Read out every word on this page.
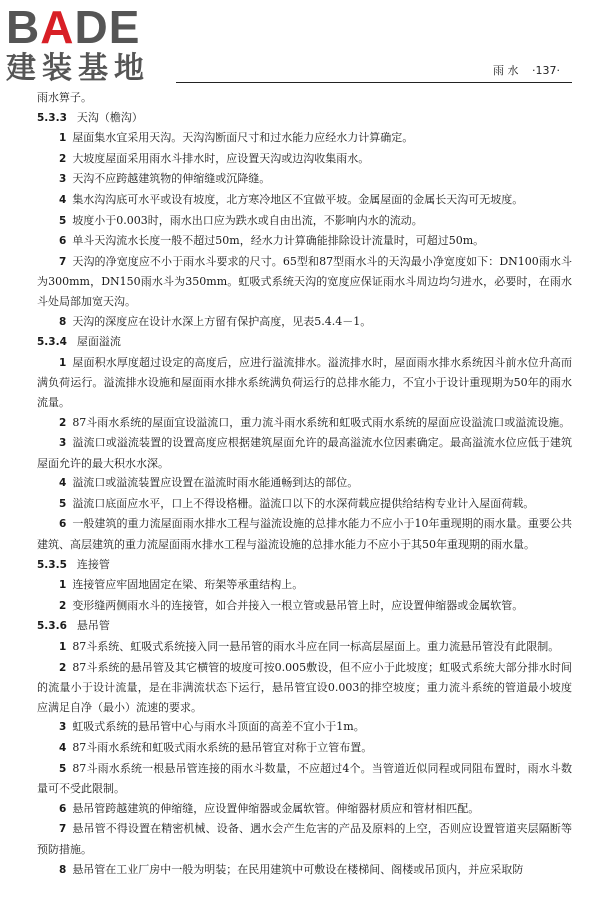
BADE
建装基地	雨 水 ·137·

雨水箅子。

5.3.3 天沟（檐沟）

1 屋面集水宜采用天沟。天沟沟断面尺寸和过水能力应经水力计算确定。

2 大坡度屋面采用雨水斗排水时，应设置天沟或边沟收集雨水。

3 天沟不应跨越建筑物的伸缩缝或沉降缝。

4 集水沟沟底可水平或设有坡度，北方寒冷地区不宜做平坡。金属屋面的金属长天沟可无坡度。

5 坡度小于0.003时，雨水出口应为跌水或自由出流，不影响内水的流动。

6 单斗天沟流水长度一般不超过50m，经水力计算确能排除设计流量时，可超过50m。

7 天沟的净宽度应不小于雨水斗要求的尺寸。65型和87型雨水斗的天沟最小净宽度如下：DN100雨水斗为300mm，DN150雨水斗为350mm。虹吸式系统天沟的宽度应保证雨水斗周边均匀进水，必要时，在雨水斗处局部加宽天沟。

8 天沟的深度应在设计水深上方留有保护高度，见表5.4.4－1。

5.3.4 屋面溢流

1 屋面积水厚度超过设定的高度后，应进行溢流排水。溢流排水时，屋面雨水排水系统因斗前水位升高而满负荷运行。溢流排水设施和屋面雨水排水系统满负荷运行的总排水能力，不宜小于设计重现期为50年的雨水流量。

2 87斗雨水系统的屋面宜设溢流口，重力流斗雨水系统和虹吸式雨水系统的屋面应设溢流口或溢流设施。

3 溢流口或溢流装置的设置高度应根据建筑屋面允许的最高溢流水位因素确定。最高溢流水位应低于建筑屋面允许的最大积水水深。

4 溢流口或溢流装置应设置在溢流时雨水能通畅到达的部位。

5 溢流口底面应水平，口上不得设格栅。溢流口以下的水深荷载应提供给结构专业计入屋面荷载。

6 一般建筑的重力流屋面雨水排水工程与溢流设施的总排水能力不应小于10年重现期的雨水量。重要公共建筑、高层建筑的重力流屋面雨水排水工程与溢流设施的总排水能力不应小于其50年重现期的雨水量。

5.3.5 连接管

1 连接管应牢固地固定在梁、珩架等承重结构上。

2 变形缝两侧雨水斗的连接管，如合并接入一根立管或悬吊管上时，应设置伸缩器或金属软管。

5.3.6 悬吊管

1 87斗系统、虹吸式系统接入同一悬吊管的雨水斗应在同一标高层屋面上。重力流悬吊管没有此限制。

2 87斗系统的悬吊管及其它横管的坡度可按0.005敷设，但不应小于此坡度；虹吸式系统大部分排水时间的流量小于设计流量，是在非满流状态下运行，悬吊管宜设0.003的排空坡度；重力流斗系统的管道最小坡度应满足自净（最小）流速的要求。

3 虹吸式系统的悬吊管中心与雨水斗顶面的高差不宜小于1m。

4 87斗雨水系统和虹吸式雨水系统的悬吊管宜对称于立管布置。

5 87斗雨水系统一根悬吊管连接的雨水斗数量，不应超过4个。当管道近似同程或同阻布置时，雨水斗数量可不受此限制。

6 悬吊管跨越建筑的伸缩缝，应设置伸缩器或金属软管。伸缩器材质应和管材相匹配。

7 悬吊管不得设置在精密机械、设备、遇水会产生危害的产品及原料的上空，否则应设置管道夹层隔断等预防措施。

8 悬吊管在工业厂房中一般为明装；在民用建筑中可敷设在楼梯间、阁楼或吊顶内，并应采取防
